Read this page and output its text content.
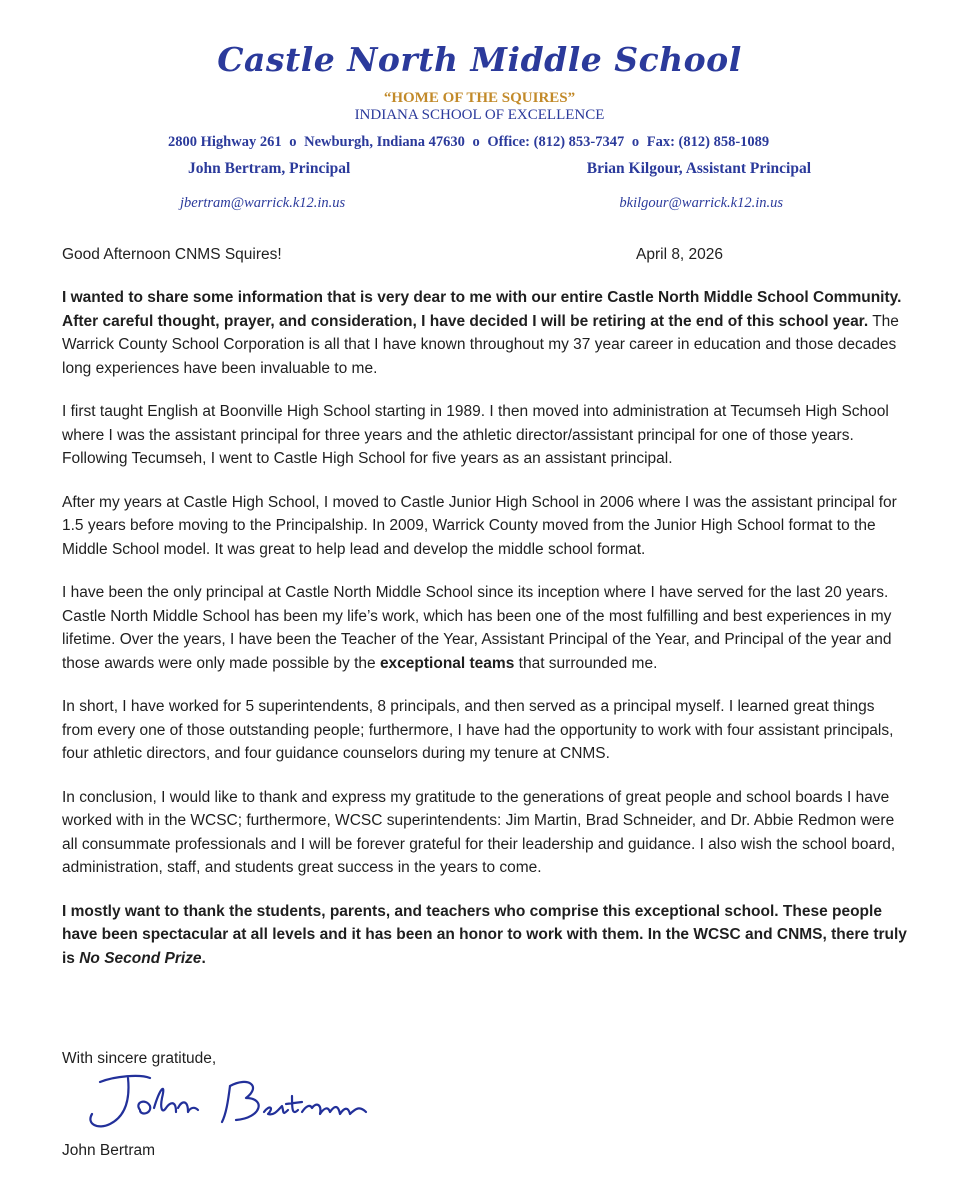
Castle North Middle School
“HOME OF THE SQUIRES”
INDIANA SCHOOL OF EXCELLENCE
2800 Highway 261 o Newburgh, Indiana 47630 o Office: (812) 853-7347 o Fax: (812) 858-1089
John Bertram, Principal	Brian Kilgour, Assistant Principal
jbertram@warrick.k12.in.us	bkilgour@warrick.k12.in.us
Good Afternoon CNMS Squires!	April 8, 2026

I wanted to share some information that is very dear to me with our entire Castle North Middle School Community. After careful thought, prayer, and consideration, I have decided I will be retiring at the end of this school year. The Warrick County School Corporation is all that I have known throughout my 37 year career in education and those decades long experiences have been invaluable to me.

I first taught English at Boonville High School starting in 1989. I then moved into administration at Tecumseh High School where I was the assistant principal for three years and the athletic director/assistant principal for one of those years. Following Tecumseh, I went to Castle High School for five years as an assistant principal.

After my years at Castle High School, I moved to Castle Junior High School in 2006 where I was the assistant principal for 1.5 years before moving to the Principalship. In 2009, Warrick County moved from the Junior High School format to the Middle School model. It was great to help lead and develop the middle school format.

I have been the only principal at Castle North Middle School since its inception where I have served for the last 20 years. Castle North Middle School has been my life’s work, which has been one of the most fulfilling and best experiences in my lifetime. Over the years, I have been the Teacher of the Year, Assistant Principal of the Year, and Principal of the year and those awards were only made possible by the exceptional teams that surrounded me.

In short, I have worked for 5 superintendents, 8 principals, and then served as a principal myself. I learned great things from every one of those outstanding people; furthermore, I have had the opportunity to work with four assistant principals, four athletic directors, and four guidance counselors during my tenure at CNMS.

In conclusion, I would like to thank and express my gratitude to the generations of great people and school boards I have worked with in the WCSC; furthermore, WCSC superintendents: Jim Martin, Brad Schneider, and Dr. Abbie Redmon were all consummate professionals and I will be forever grateful for their leadership and guidance. I also wish the school board, administration, staff, and students great success in the years to come.

I mostly want to thank the students, parents, and teachers who comprise this exceptional school. These people have been spectacular at all levels and it has been an honor to work with them. In the WCSC and CNMS, there truly is No Second Prize.

With sincere gratitude,
John Bertram
